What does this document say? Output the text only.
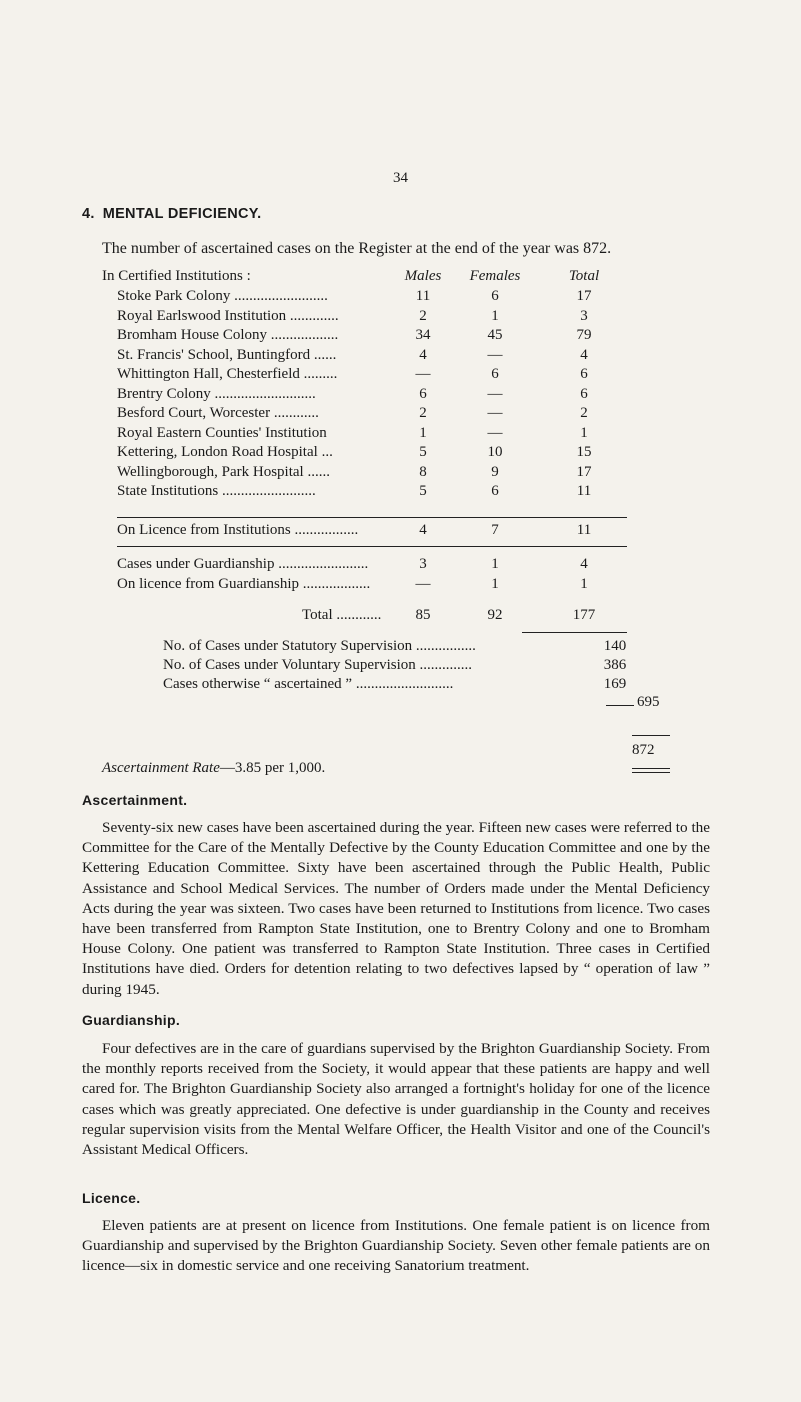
34
4. MENTAL DEFICIENCY.
The number of ascertained cases on the Register at the end of the year was 872.
In Certified Institutions :	Males	Females	Total
Stoke Park Colony .........................	11	6	17
Royal Earlswood Institution .............	2	1	3
Bromham House Colony ..................	34	45	79
St. Francis' School, Buntingford ......	4	—	4
Whittington Hall, Chesterfield .........	—	6	6
Brentry Colony ...........................	6	—	6
Besford Court, Worcester ............	2	—	2
Royal Eastern Counties' Institution	1	—	1
Kettering, London Road Hospital ...	5	10	15
Wellingborough, Park Hospital ......	8	9	17
State Institutions .........................	5	6	11
On Licence from Institutions .................	4	7	11
Cases under Guardianship ........................	3	1	4
On licence from Guardianship ..................	—	1	1
Total ............	85	92	177
No. of Cases under Statutory Supervision ................	140
No. of Cases under Voluntary Supervision ..............	386
Cases otherwise “ ascertained ” ..........................	169
695
872
Ascertainment Rate—3.85 per 1,000.
Ascertainment.

Seventy-six new cases have been ascertained during the year. Fifteen new cases were referred to the Committee for the Care of the Mentally Defective by the County Education Committee and one by the Kettering Education Committee. Sixty have been ascertained through the Public Health, Public Assistance and School Medical Services. The number of Orders made under the Mental Deficiency Acts during the year was sixteen. Two cases have been returned to Institutions from licence. Two cases have been transferred from Rampton State Institution, one to Brentry Colony and one to Bromham House Colony. One patient was transferred to Rampton State Institution. Three cases in Certified Institutions have died. Orders for detention relating to two defectives lapsed by “ operation of law ” during 1945.

Guardianship.

Four defectives are in the care of guardians supervised by the Brighton Guardianship Society. From the monthly reports received from the Society, it would appear that these patients are happy and well cared for. The Brighton Guardianship Society also arranged a fortnight's holiday for one of the licence cases which was greatly appreciated. One defective is under guardianship in the County and receives regular supervision visits from the Mental Welfare Officer, the Health Visitor and one of the Council's Assistant Medical Officers.

Licence.

Eleven patients are at present on licence from Institutions. One female patient is on licence from Guardianship and supervised by the Brighton Guardianship Society. Seven other female patients are on licence—six in domestic service and one receiving Sanatorium treatment.
